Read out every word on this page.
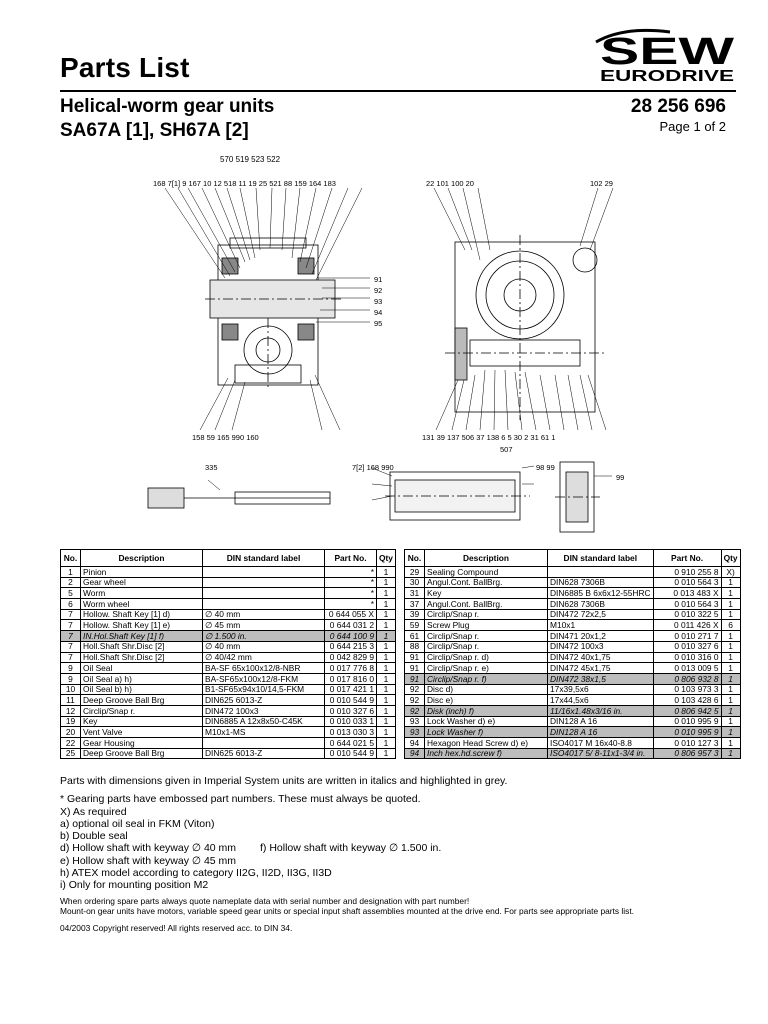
Parts List	SEW
EURODRIVE
Helical-worm gear units
SA67A [1], SH67A [2]
28 256 696
Page 1 of 2
570 519 523 522
168 7[1] 9 167 10 12 518 11 19 25 521 88 159 164 183
91 92 93 94 95
158 59 165 990 160
22 101 100 20	102 29
131 39 137 506 37 138 6 5 30 2 31 61 1
507
335	7[2] 168 990	98 99
99
No.	Description	DIN standard label	Part No.	Qty
1	Pinion		*	1
2	Gear wheel		*	1
5	Worm		*	1
6	Worm wheel		*	1
7	Hollow. Shaft Key [1] d)	∅ 40 mm	0 644 055 X	1
7	Hollow. Shaft Key [1] e)	∅ 45 mm	0 644 031 2	1
7	IN.Hol.Shaft Key [1] f)	∅ 1.500 in.	0 644 100 9	1
7	Holl.Shaft Shr.Disc [2]	∅ 40 mm	0 644 215 3	1
7	Holl.Shaft Shr.Disc [2]	∅ 40/42 mm	0 042 829 9	1
9	Oil Seal	BA-SF 65x100x12/8-NBR	0 017 776 8	1
9	Oil Seal a) h)	BA-SF65x100x12/8-FKM	0 017 816 0	1
10	Oil Seal b) h)	B1-SF65x94x10/14,5-FKM	0 017 421 1	1
11	Deep Groove Ball Brg	DIN625 6013-Z	0 010 544 9	1
12	Circlip/Snap r.	DIN472 100x3	0 010 327 6	1
19	Key	DIN6885 A 12x8x50-C45K	0 010 033 1	1
20	Vent Valve	M10x1-MS	0 013 030 3	1
22	Gear Housing		0 644 021 5	1
25	Deep Groove Ball Brg	DIN625 6013-Z	0 010 544 9	1
No.	Description	DIN standard label	Part No.	Qty
29	Sealing Compound		0 910 255 8	X)
30	Angul.Cont. BallBrg.	DIN628 7306B	0 010 564 3	1
31	Key	DIN6885 B 6x6x12-55HRC	0 013 483 X	1
37	Angul.Cont. BallBrg.	DIN628 7306B	0 010 564 3	1
39	Circlip/Snap r.	DIN472 72x2,5	0 010 322 5	1
59	Screw Plug	M10x1	0 011 426 X	6
61	Circlip/Snap r.	DIN471 20x1,2	0 010 271 7	1
88	Circlip/Snap r.	DIN472 100x3	0 010 327 6	1
91	Circlip/Snap r. d)	DIN472 40x1,75	0 010 316 0	1
91	Circlip/Snap r. e)	DIN472 45x1,75	0 013 009 5	1
91	Circlip/Snap r. f)	DIN472 38x1,5	0 806 932 8	1
92	Disc d)	17x39,5x6	0 103 973 3	1
92	Disc e)	17x44,5x6	0 103 428 6	1
92	Disk (inch) f)	11/16x1.48x3/16 in.	0 806 942 5	1
93	Lock Washer d) e)	DIN128 A 16	0 010 995 9	1
93	Lock Washer f)	DIN128 A 16	0 010 995 9	1
94	Hexagon Head Screw d) e)	ISO4017 M 16x40-8.8	0 010 127 3	1
94	Inch hex.hd.screw f)	ISO4017 5/ 8-11x1-3/4 in.	0 806 957 3	1

Parts with dimensions given in Imperial System units are written in italics and highlighted in grey.

* Gearing parts have embossed part numbers. These must always be quoted.

X) As required

a) optional oil seal in FKM (Viton)

b) Double seal

d) Hollow shaft with keyway ∅ 40 mm f) Hollow shaft with keyway ∅ 1.500 in.

e) Hollow shaft with keyway ∅ 45 mm

h) ATEX model according to category II2G, II2D, II3G, II3D

i) Only for mounting position M2

When ordering spare parts always quote nameplate data with serial number and designation with part number!

Mount-on gear units have motors, variable speed gear units or special input shaft assemblies mounted at the drive end. For parts see appropriate parts list.

04/2003 Copyright reserved! All rights reserved acc. to DIN 34.
